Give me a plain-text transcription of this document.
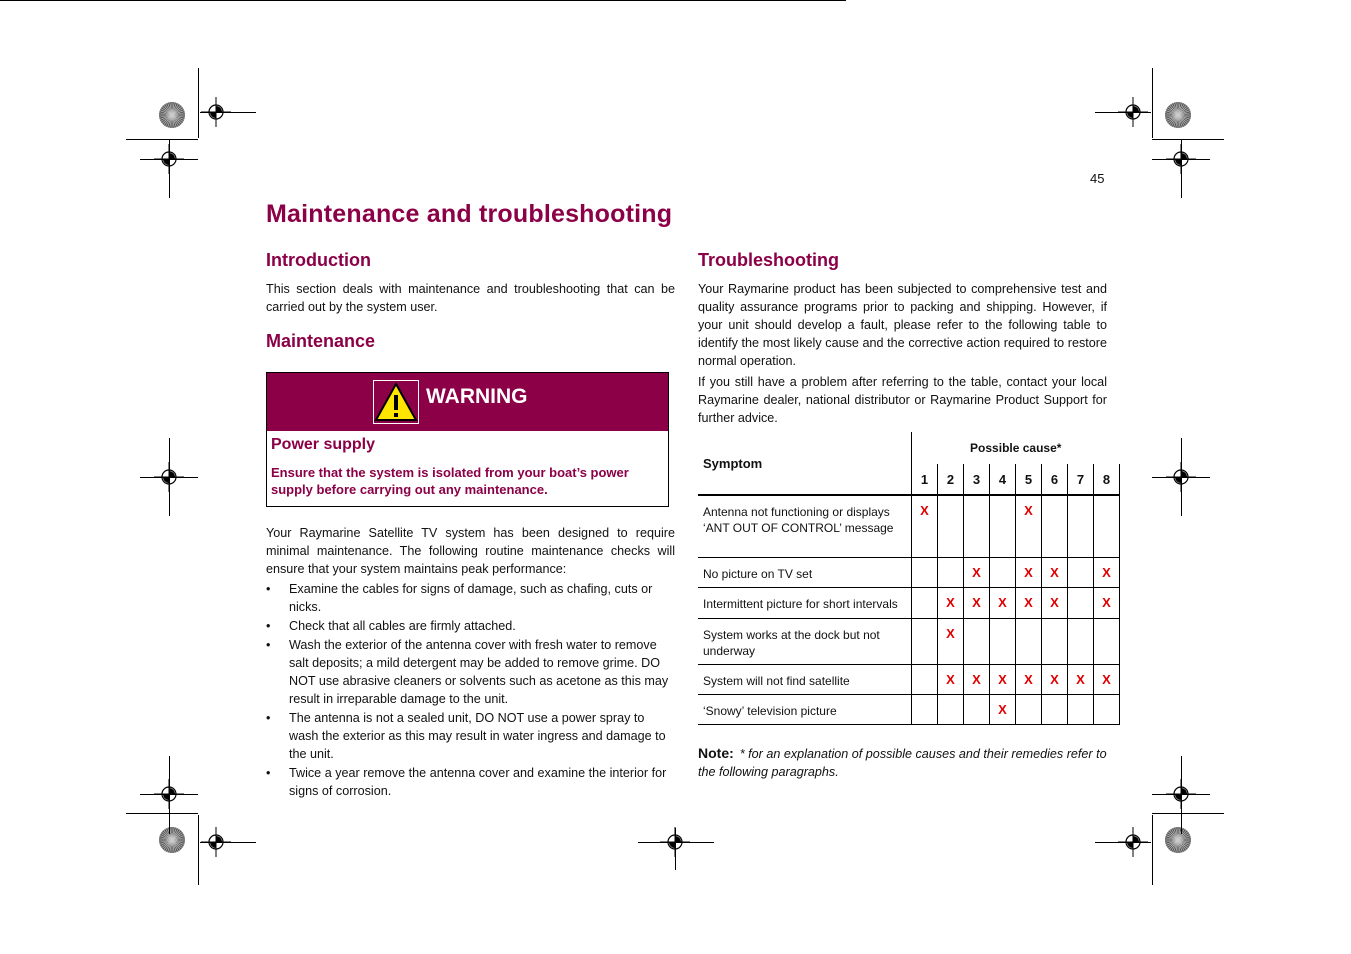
45
Maintenance and troubleshooting
Introduction

This section deals with maintenance and troubleshooting that can be carried out by the system user.

Maintenance
WARNING
Power supply

Ensure that the system is isolated from your boat’s power supply before carrying out any maintenance.

Your Raymarine Satellite TV system has been designed to require minimal maintenance. The following routine maintenance checks will ensure that your system maintains peak performance:

• Examine the cables for signs of damage, such as chafing, cuts or nicks.
• Check that all cables are firmly attached.
• Wash the exterior of the antenna cover with fresh water to remove salt deposits; a mild detergent may be added to remove grime. DO NOT use abrasive cleaners or solvents such as acetone as this may result in irreparable damage to the unit.
• The antenna is not a sealed unit, DO NOT use a power spray to wash the exterior as this may result in water ingress and damage to the unit.
• Twice a year remove the antenna cover and examine the interior for signs of corrosion.
Troubleshooting

Your Raymarine product has been subjected to comprehensive test and quality assurance programs prior to packing and shipping. However, if your unit should develop a fault, please refer to the following table to identify the most likely cause and the corrective action required to restore normal operation.

If you still have a problem after referring to the table, contact your local Raymarine dealer, national distributor or Raymarine Product Support for further advice.

Symptom	Possible cause*							
	1	2	3	4	5	6	7	8
Antenna not functioning or displays ‘ANT OUT OF CONTROL’ message	X				X			
No picture on TV set			X		X	X		X
Intermittent picture for short intervals		X	X	X	X	X		X
System works at the dock but not underway		X						
System will not find satellite		X	X	X	X	X	X	X
‘Snowy’ television picture				X				
Note: * for an explanation of possible causes and their remedies refer to the following paragraphs.
